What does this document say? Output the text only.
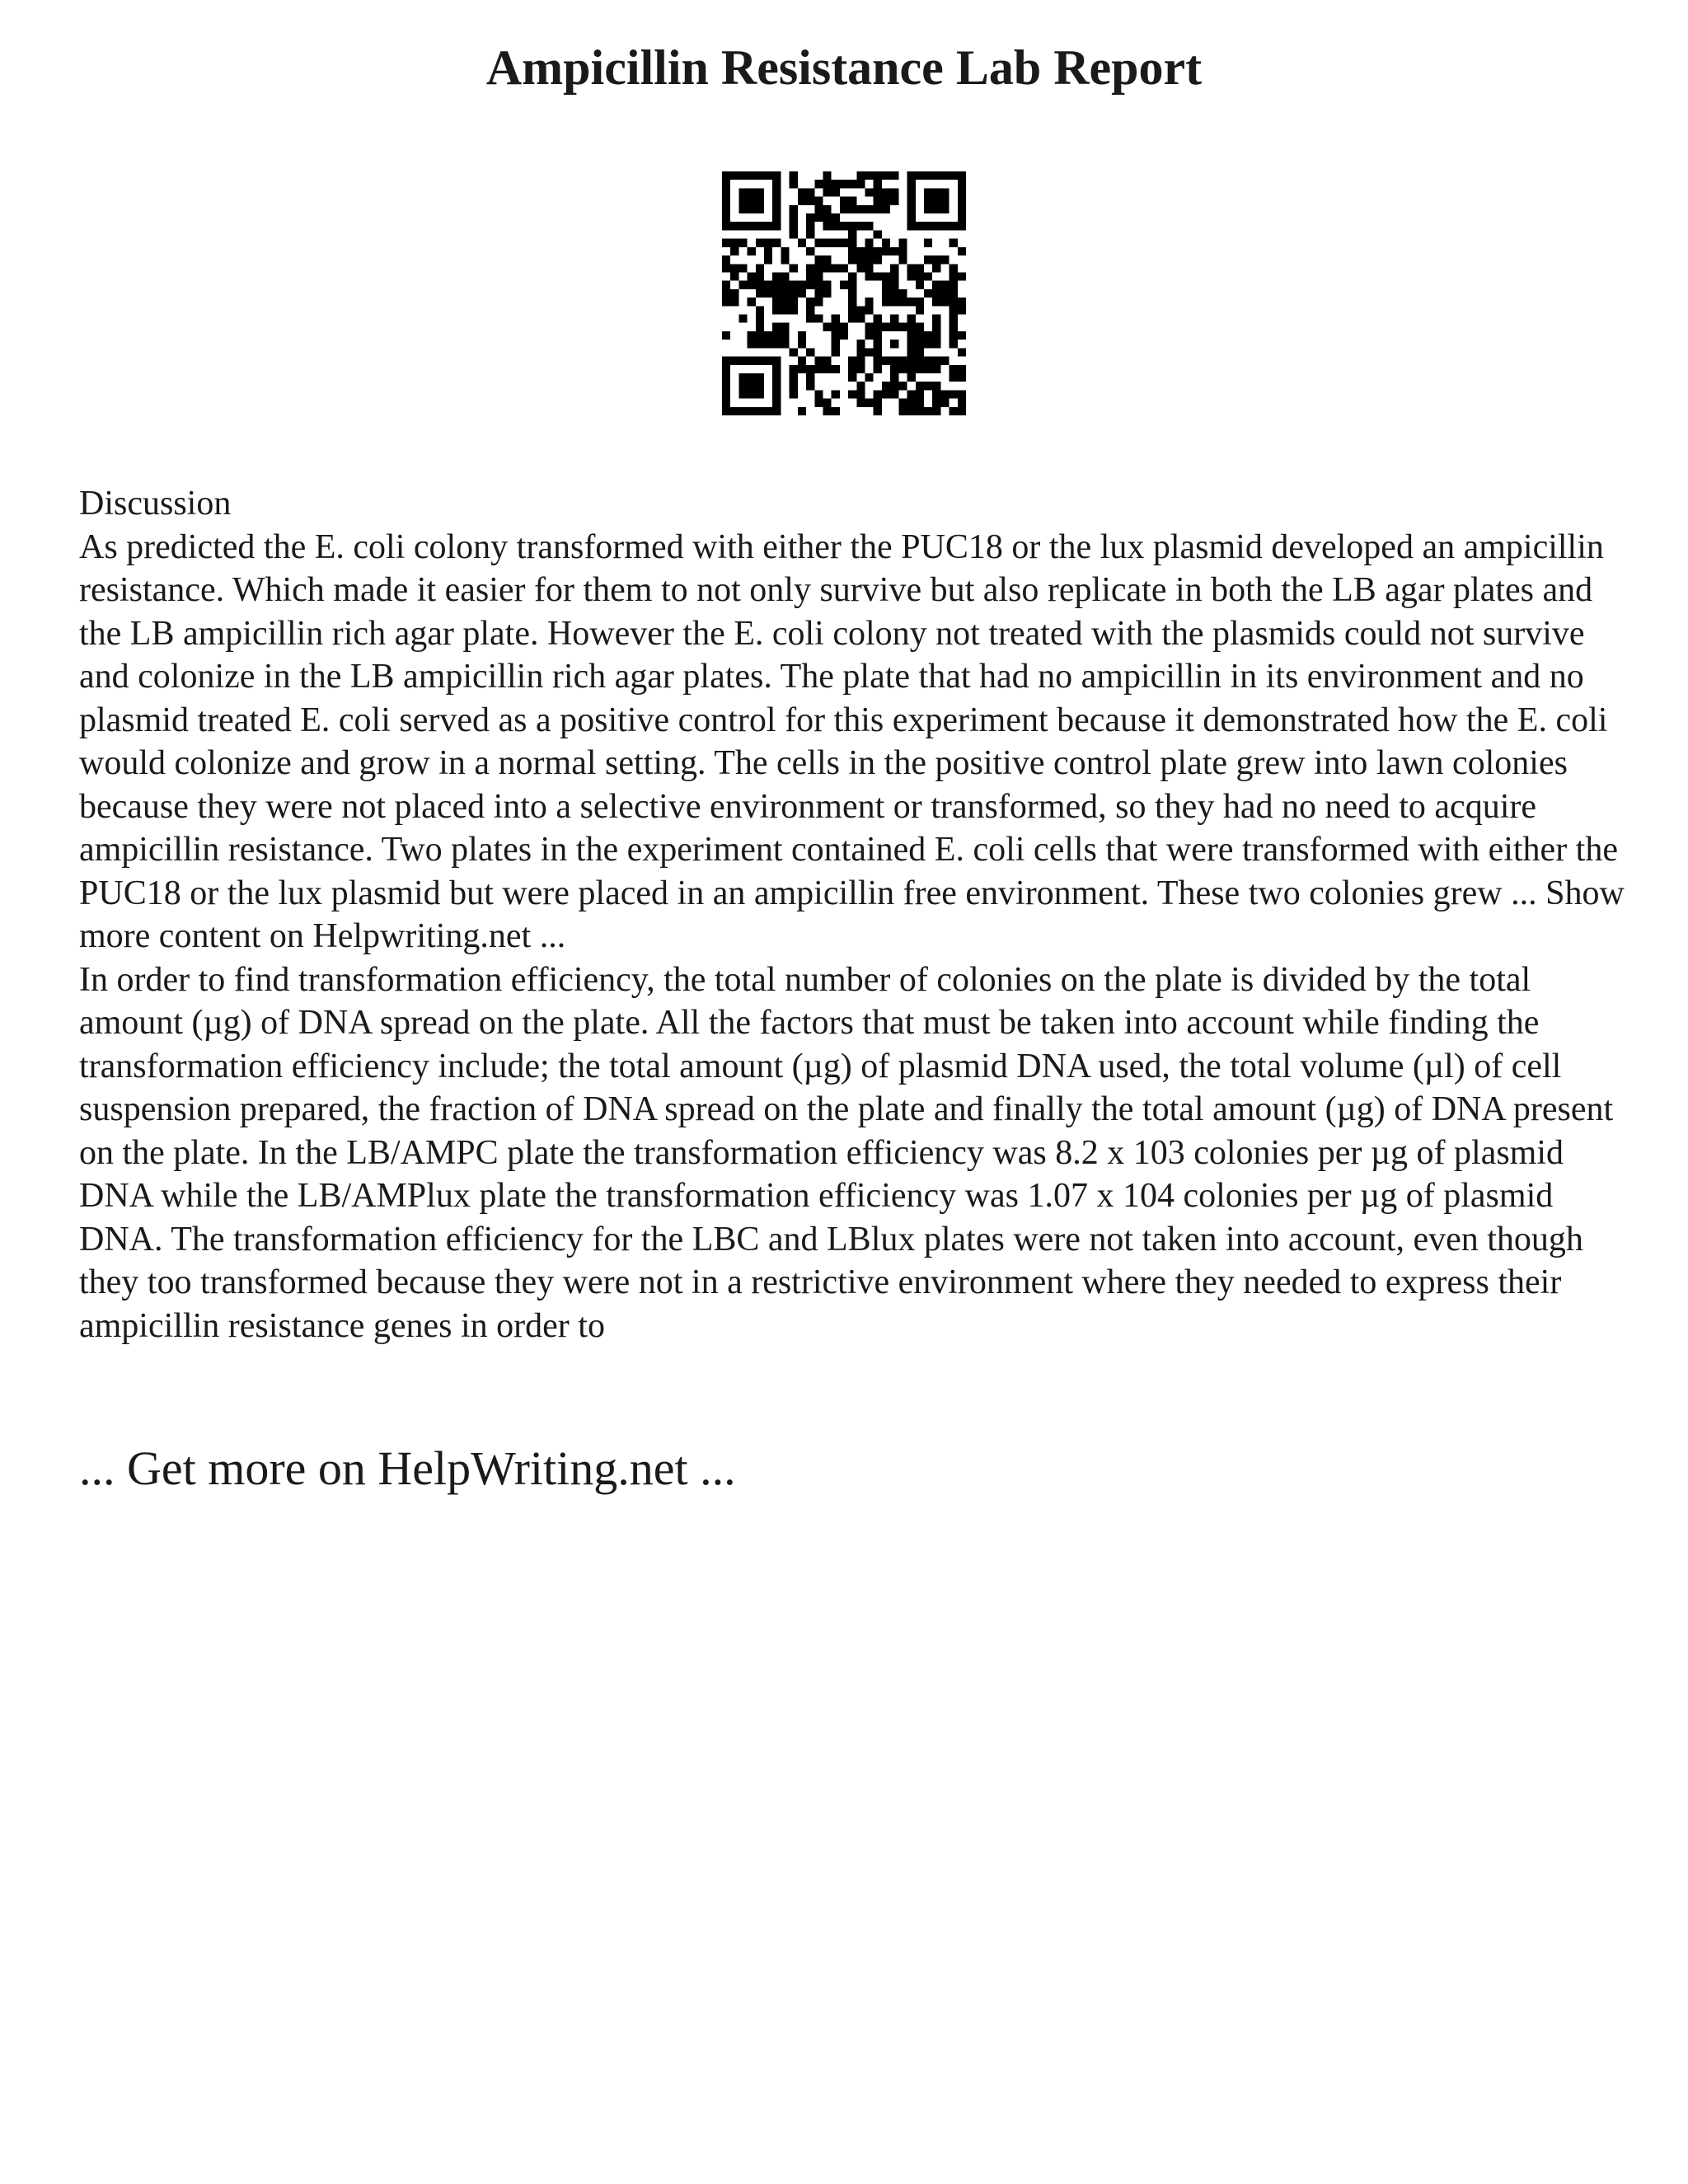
Ampicillin Resistance Lab Report

Discussion

As predicted the E. coli colony transformed with either the PUC18 or the lux plasmid developed an ampicillin resistance. Which made it easier for them to not only survive but also replicate in both the LB agar plates and the LB ampicillin rich agar plate. However the E. coli colony not treated with the plasmids could not survive and colonize in the LB ampicillin rich agar plates. The plate that had no ampicillin in its environment and no plasmid treated E. coli served as a positive control for this experiment because it demonstrated how the E. coli would colonize and grow in a normal setting. The cells in the positive control plate grew into lawn colonies because they were not placed into a selective environment or transformed, so they had no need to acquire ampicillin resistance. Two plates in the experiment contained E. coli cells that were transformed with either the PUC18 or the lux plasmid but were placed in an ampicillin free environment. These two colonies grew ... Show more content on Helpwriting.net ...

In order to find transformation efficiency, the total number of colonies on the plate is divided by the total amount (µg) of DNA spread on the plate. All the factors that must be taken into account while finding the transformation efficiency include; the total amount (µg) of plasmid DNA used, the total volume (µl) of cell suspension prepared, the fraction of DNA spread on the plate and finally the total amount (µg) of DNA present on the plate. In the LB/AMPC plate the transformation efficiency was 8.2 x 103 colonies per µg of plasmid DNA while the LB/AMPlux plate the transformation efficiency was 1.07 x 104 colonies per µg of plasmid DNA. The transformation efficiency for the LBC and LBlux plates were not taken into account, even though they too transformed because they were not in a restrictive environment where they needed to express their ampicillin resistance genes in order to

... Get more on HelpWriting.net ...
